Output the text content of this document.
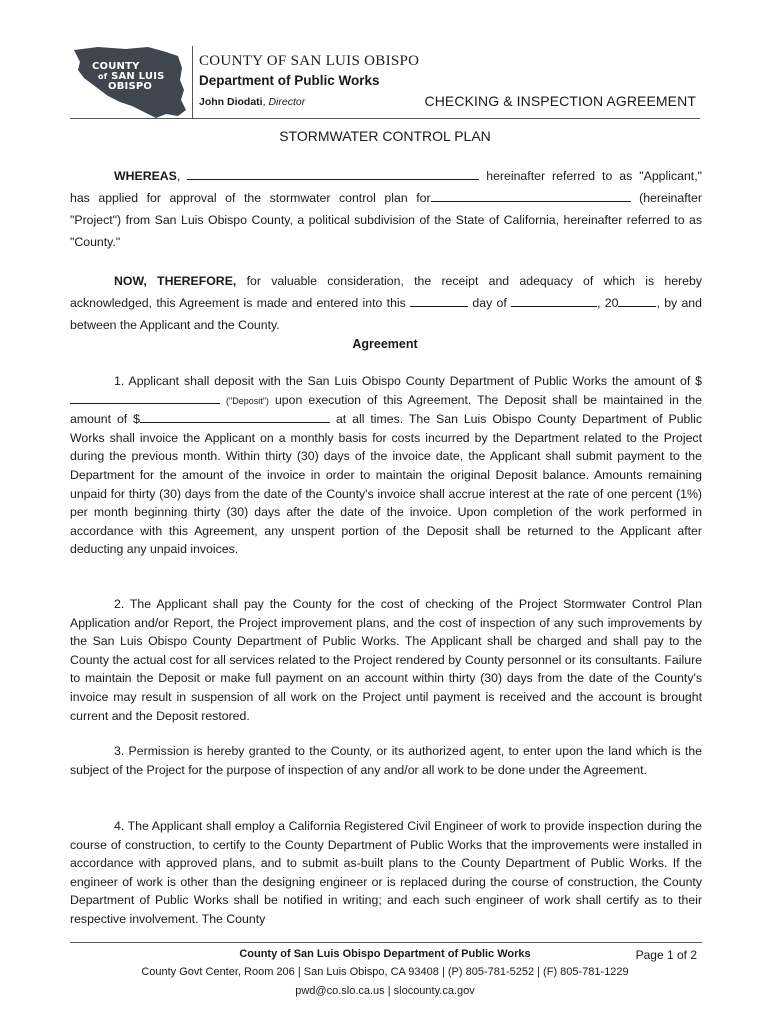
COUNTY
of SAN LUIS
OBISPO
COUNTY OF SAN LUIS OBISPO
Department of Public Works
John Diodati, Director	CHECKING & INSPECTION AGREEMENT
STORMWATER CONTROL PLAN
WHEREAS,	hereinafter referred to as "Applicant," has applied for approval of the stormwater control plan for	(hereinafter "Project") from San Luis Obispo County, a political subdivision of the State of California, hereinafter referred to as "County."
NOW, THEREFORE, for valuable consideration, the receipt and adequacy of which is hereby acknowledged, this Agreement is made and entered into this	day of	, 20	, by and between the Applicant and the County.
Agreement
1. Applicant shall deposit with the San Luis Obispo County Department of Public Works the amount of $ ("Deposit") upon execution of this Agreement. The Deposit shall be maintained in the amount of $	at all times. The San Luis Obispo County Department of Public Works shall invoice the Applicant on a monthly basis for costs incurred by the Department related to the Project during the previous month. Within thirty (30) days of the invoice date, the Applicant shall submit payment to the Department for the amount of the invoice in order to maintain the original Deposit balance. Amounts remaining unpaid for thirty (30) days from the date of the County's invoice shall accrue interest at the rate of one percent (1%) per month beginning thirty (30) days after the date of the invoice. Upon completion of the work performed in accordance with this Agreement, any unspent portion of the Deposit shall be returned to the Applicant after deducting any unpaid invoices.
2. The Applicant shall pay the County for the cost of checking of the Project Stormwater Control Plan Application and/or Report, the Project improvement plans, and the cost of inspection of any such improvements by the San Luis Obispo County Department of Public Works. The Applicant shall be charged and shall pay to the County the actual cost for all services related to the Project rendered by County personnel or its consultants. Failure to maintain the Deposit or make full payment on an account within thirty (30) days from the date of the County's invoice may result in suspension of all work on the Project until payment is received and the account is brought current and the Deposit restored.
3. Permission is hereby granted to the County, or its authorized agent, to enter upon the land which is the subject of the Project for the purpose of inspection of any and/or all work to be done under the Agreement.
4. The Applicant shall employ a California Registered Civil Engineer of work to provide inspection during the course of construction, to certify to the County Department of Public Works that the improvements were installed in accordance with approved plans, and to submit as-built plans to the County Department of Public Works. If the engineer of work is other than the designing engineer or is replaced during the course of construction, the County Department of Public Works shall be notified in writing; and each such engineer of work shall certify as to their respective involvement. The County
County of San Luis Obispo Department of Public Works	Page 1 of 2
County Govt Center, Room 206 | San Luis Obispo, CA 93408 | (P) 805-781-5252 | (F) 805-781-1229
pwd@co.slo.ca.us | slocounty.ca.gov
